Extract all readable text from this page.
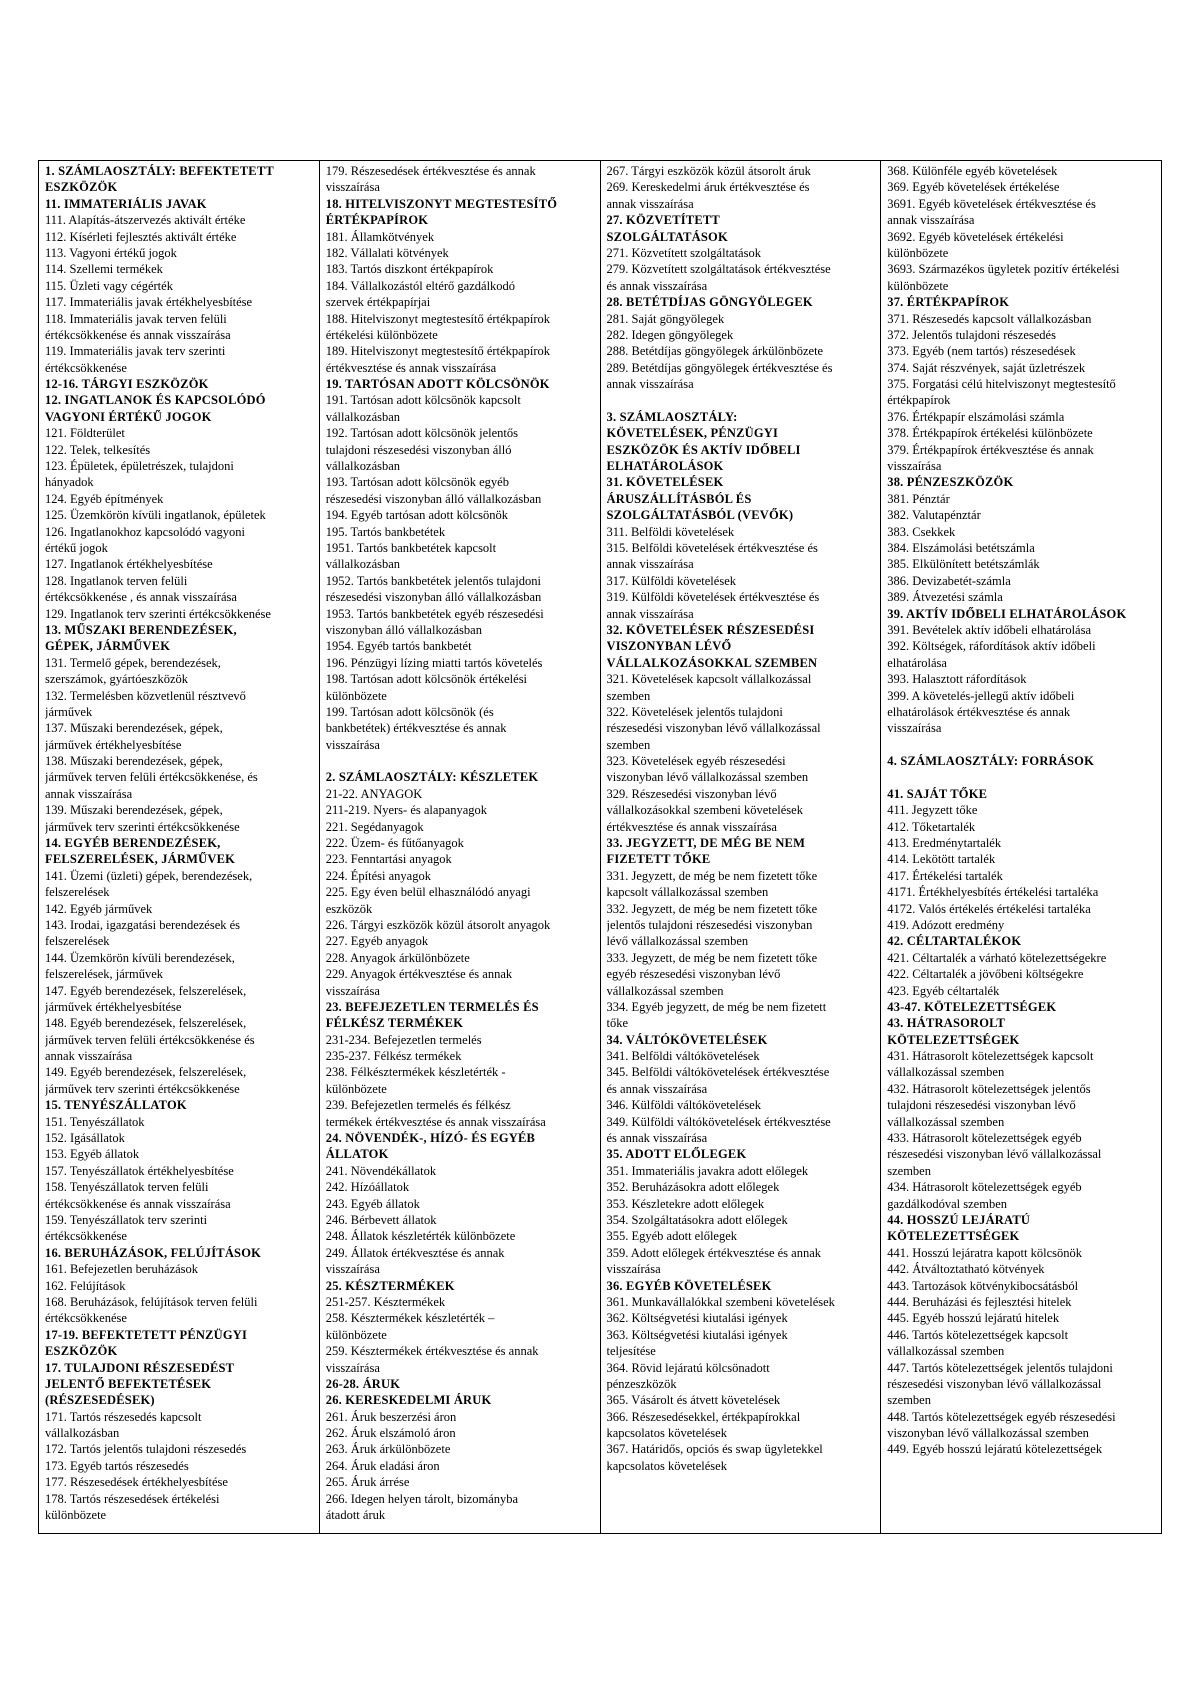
1. SZÁMLAOSZTÁLY: BEFEKTETETT
ESZKÖZÖK
11. IMMATERIÁLIS JAVAK
111. Alapítás-átszervezés aktivált értéke
112. Kísérleti fejlesztés aktivált értéke
113. Vagyoni értékű jogok
114. Szellemi termékek
115. Üzleti vagy cégérték
117. Immateriális javak értékhelyesbítése
118. Immateriális javak terven felüli
értékcsökkenése és annak visszaírása
119. Immateriális javak terv szerinti
értékcsökkenése
12-16. TÁRGYI ESZKÖZÖK
12. INGATLANOK ÉS KAPCSOLÓDÓ
VAGYONI ÉRTÉKŰ JOGOK
121. Földterület
122. Telek, telkesítés
123. Épületek, épületrészek, tulajdoni
hányadok
124. Egyéb építmények
125. Üzemkörön kívüli ingatlanok, épületek
126. Ingatlanokhoz kapcsolódó vagyoni
értékű jogok
127. Ingatlanok értékhelyesbítése
128. Ingatlanok terven felüli
értékcsökkenése , és annak visszaírása
129. Ingatlanok terv szerinti értékcsökkenése
13. MŰSZAKI BERENDEZÉSEK,
GÉPEK, JÁRMŰVEK
131. Termelő gépek, berendezések,
szerszámok, gyártóeszközök
132. Termelésben közvetlenül résztvevő
járművek
137. Műszaki berendezések, gépek,
járművek értékhelyesbítése
138. Műszaki berendezések, gépek,
járművek terven felüli értékcsökkenése, és
annak visszaírása
139. Műszaki berendezések, gépek,
járművek terv szerinti értékcsökkenése
14. EGYÉB BERENDEZÉSEK,
FELSZERELÉSEK, JÁRMŰVEK
141. Üzemi (üzleti) gépek, berendezések,
felszerelések
142. Egyéb járművek
143. Irodai, igazgatási berendezések és
felszerelések
144. Üzemkörön kívüli berendezések,
felszerelések, járművek
147. Egyéb berendezések, felszerelések,
járművek értékhelyesbítése
148. Egyéb berendezések, felszerelések,
járművek terven felüli értékcsökkenése és
annak visszaírása
149. Egyéb berendezések, felszerelések,
járművek terv szerinti értékcsökkenése
15. TENYÉSZÁLLATOK
151. Tenyészállatok
152. Igásállatok
153. Egyéb állatok
157. Tenyészállatok értékhelyesbítése
158. Tenyészállatok terven felüli
értékcsökkenése és annak visszaírása
159. Tenyészállatok terv szerinti
értékcsökkenése
16. BERUHÁZÁSOK, FELÚJÍTÁSOK
161. Befejezetlen beruházások
162. Felújítások
168. Beruházások, felújítások terven felüli
értékcsökkenése
17-19. BEFEKTETETT PÉNZÜGYI
ESZKÖZÖK
17. TULAJDONI RÉSZESEDÉST
JELENTŐ BEFEKTETÉSEK
(RÉSZESEDÉSEK)
171. Tartós részesedés kapcsolt
vállalkozásban
172. Tartós jelentős tulajdoni részesedés
173. Egyéb tartós részesedés
177. Részesedések értékhelyesbítése
178. Tartós részesedések értékelési
különbözete
179. Részesedések értékvesztése és annak
visszaírása
18. HITELVISZONYT MEGTESTESÍTŐ
ÉRTÉKPAPÍROK
181. Államkötvények
182. Vállalati kötvények
183. Tartós diszkont értékpapírok
184. Vállalkozástól eltérő gazdálkodó
szervek értékpapírjai
188. Hitelviszonyt megtestesítő értékpapírok
értékelési különbözete
189. Hitelviszonyt megtestesítő értékpapírok
értékvesztése és annak visszaírása
19. TARTÓSAN ADOTT KÖLCSÖNÖK
191. Tartósan adott kölcsönök kapcsolt
vállalkozásban
192. Tartósan adott kölcsönök jelentős
tulajdoni részesedési viszonyban álló
vállalkozásban
193. Tartósan adott kölcsönök egyéb
részesedési viszonyban álló vállalkozásban
194. Egyéb tartósan adott kölcsönök
195. Tartós bankbetétek
1951. Tartós bankbetétek kapcsolt
vállalkozásban
1952. Tartós bankbetétek jelentős tulajdoni
részesedési viszonyban álló vállalkozásban
1953. Tartós bankbetétek egyéb részesedési
viszonyban álló vállalkozásban
1954. Egyéb tartós bankbetét
196. Pénzügyi lízing miatti tartós követelés
198. Tartósan adott kölcsönök értékelési
különbözete
199. Tartósan adott kölcsönök (és
bankbetétek) értékvesztése és annak
visszaírása
2. SZÁMLAOSZTÁLY: KÉSZLETEK
21-22. ANYAGOK
211-219. Nyers- és alapanyagok
221. Segédanyagok
222. Üzem- és fűtőanyagok
223. Fenntartási anyagok
224. Építési anyagok
225. Egy éven belül elhasználódó anyagi
eszközök
226. Tárgyi eszközök közül átsorolt anyagok
227. Egyéb anyagok
228. Anyagok árkülönbözete
229. Anyagok értékvesztése és annak
visszaírása
23. BEFEJEZETLEN TERMELÉS ÉS
FÉLKÉSZ TERMÉKEK
231-234. Befejezetlen termelés
235-237. Félkész termékek
238. Félkésztermékek készletérték -
különbözete
239. Befejezetlen termelés és félkész
termékek értékvesztése és annak visszaírása
24. NÖVENDÉK-, HÍZÓ- ÉS EGYÉB
ÁLLATOK
241. Növendékállatok
242. Hízóállatok
243. Egyéb állatok
246. Bérbevett állatok
248. Állatok készletérték különbözete
249. Állatok értékvesztése és annak
visszaírása
25. KÉSZTERMÉKEK
251-257. Késztermékek
258. Késztermékek készletérték –
különbözete
259. Késztermékek értékvesztése és annak
visszaírása
26-28. ÁRUK
26. KERESKEDELMI ÁRUK
261. Áruk beszerzési áron
262. Áruk elszámoló áron
263. Áruk árkülönbözete
264. Áruk eladási áron
265. Áruk árrése
266. Idegen helyen tárolt, bizományba
átadott áruk
267. Tárgyi eszközök közül átsorolt áruk
269. Kereskedelmi áruk értékvesztése és
annak visszaírása
27. KÖZVETÍTETT
SZOLGÁLTATÁSOK
271. Közvetített szolgáltatások
279. Közvetített szolgáltatások értékvesztése
és annak visszaírása
28. BETÉTDÍJAS GÖNGYÖLEGEK
281. Saját göngyölegek
282. Idegen göngyölegek
288. Betétdíjas göngyölegek árkülönbözete
289. Betétdíjas göngyölegek értékvesztése és
annak visszaírása
3. SZÁMLAOSZTÁLY:
KÖVETELÉSEK, PÉNZÜGYI
ESZKÖZÖK ÉS AKTÍV IDŐBELI
ELHATÁROLÁSOK
31. KÖVETELÉSEK
ÁRUSZÁLLÍTÁSBÓL ÉS
SZOLGÁLTATÁSBÓL (VEVŐK)
311. Belföldi követelések
315. Belföldi követelések értékvesztése és
annak visszaírása
317. Külföldi követelések
319. Külföldi követelések értékvesztése és
annak visszaírása
32. KÖVETELÉSEK RÉSZESEDÉSI
VISZONYBAN LÉVŐ
VÁLLALKOZÁSOKKAL SZEMBEN
321. Követelések kapcsolt vállalkozással
szemben
322. Követelések jelentős tulajdoni
részesedési viszonyban lévő vállalkozással
szemben
323. Követelések egyéb részesedési
viszonyban lévő vállalkozással szemben
329. Részesedési viszonyban lévő
vállalkozásokkal szembeni követelések
értékvesztése és annak visszaírása
33. JEGYZETT, DE MÉG BE NEM
FIZETETT TŐKE
331. Jegyzett, de még be nem fizetett tőke
kapcsolt vállalkozással szemben
332. Jegyzett, de még be nem fizetett tőke
jelentős tulajdoni részesedési viszonyban
lévő vállalkozással szemben
333. Jegyzett, de még be nem fizetett tőke
egyéb részesedési viszonyban lévő
vállalkozással szemben
334. Egyéb jegyzett, de még be nem fizetett
tőke
34. VÁLTÓKÖVETELÉSEK
341. Belföldi váltókövetelések
345. Belföldi váltókövetelések értékvesztése
és annak visszaírása
346. Külföldi váltókövetelések
349. Külföldi váltókövetelések értékvesztése
és annak visszaírása
35. ADOTT ELŐLEGEK
351. Immateriális javakra adott előlegek
352. Beruházásokra adott előlegek
353. Készletekre adott előlegek
354. Szolgáltatásokra adott előlegek
355. Egyéb adott előlegek
359. Adott előlegek értékvesztése és annak
visszaírása
36. EGYÉB KÖVETELÉSEK
361. Munkavállalókkal szembeni követelések
362. Költségvetési kiutalási igények
363. Költségvetési kiutalási igények
teljesítése
364. Rövid lejáratú kölcsönadott
pénzeszközök
365. Vásárolt és átvett követelések
366. Részesedésekkel, értékpapírokkal
kapcsolatos követelések
367. Határidős, opciós és swap ügyletekkel
kapcsolatos követelések
368. Különféle egyéb követelések
369. Egyéb követelések értékelése
3691. Egyéb követelések értékvesztése és
annak visszaírása
3692. Egyéb követelések értékelési
különbözete
3693. Származékos ügyletek pozitív értékelési
különbözete
37. ÉRTÉKPAPÍROK
371. Részesedés kapcsolt vállalkozásban
372. Jelentős tulajdoni részesedés
373. Egyéb (nem tartós) részesedések
374. Saját részvények, saját üzletrészek
375. Forgatási célú hitelviszonyt megtestesítő
értékpapírok
376. Értékpapír elszámolási számla
378. Értékpapírok értékelési különbözete
379. Értékpapírok értékvesztése és annak
visszaírása
38. PÉNZESZKÖZÖK
381. Pénztár
382. Valutapénztár
383. Csekkek
384. Elszámolási betétszámla
385. Elkülönített betétszámlák
386. Devizabetét-számla
389. Átvezetési számla
39. AKTÍV IDŐBELI ELHATÁROLÁSOK
391. Bevételek aktív időbeli elhatárolása
392. Költségek, ráfordítások aktív időbeli
elhatárolása
393. Halasztott ráfordítások
399. A követelés-jellegű aktív időbeli
elhatárolások értékvesztése és annak
visszaírása
4. SZÁMLAOSZTÁLY: FORRÁSOK
41. SAJÁT TŐKE
411. Jegyzett tőke
412. Tőketartalék
413. Eredménytartalék
414. Lekötött tartalék
417. Értékelési tartalék
4171. Értékhelyesbítés értékelési tartaléka
4172. Valós értékelés értékelési tartaléka
419. Adózott eredmény
42. CÉLTARTALÉKOK
421. Céltartalék a várható kötelezettségekre
422. Céltartalék a jövőbeni költségekre
423. Egyéb céltartalék
43-47. KÖTELEZETTSÉGEK
43. HÁTRASOROLT
KÖTELEZETTSÉGEK
431. Hátrasorolt kötelezettségek kapcsolt
vállalkozással szemben
432. Hátrasorolt kötelezettségek jelentős
tulajdoni részesedési viszonyban lévő
vállalkozással szemben
433. Hátrasorolt kötelezettségek egyéb
részesedési viszonyban lévő vállalkozással
szemben
434. Hátrasorolt kötelezettségek egyéb
gazdálkodóval szemben
44. HOSSZÚ LEJÁRATÚ
KÖTELEZETTSÉGEK
441. Hosszú lejáratra kapott kölcsönök
442. Átváltoztatható kötvények
443. Tartozások kötvénykibocsátásból
444. Beruházási és fejlesztési hitelek
445. Egyéb hosszú lejáratú hitelek
446. Tartós kötelezettségek kapcsolt
vállalkozással szemben
447. Tartós kötelezettségek jelentős tulajdoni
részesedési viszonyban lévő vállalkozással
szemben
448. Tartós kötelezettségek egyéb részesedési
viszonyban lévő vállalkozással szemben
449. Egyéb hosszú lejáratú kötelezettségek
